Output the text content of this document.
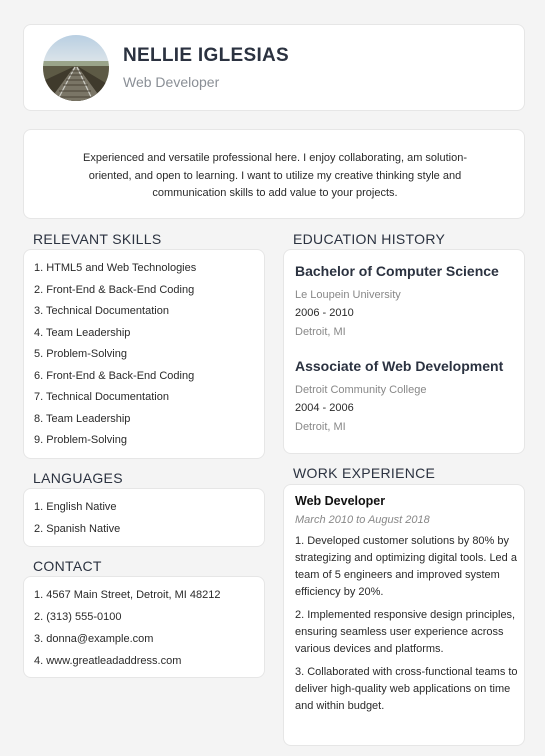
NELLIE IGLESIAS
Web Developer

Experienced and versatile professional here. I enjoy collaborating, am solution-oriented, and open to learning. I want to utilize my creative thinking style and communication skills to add value to your projects.

RELEVANT SKILLS
1. HTML5 and Web Technologies
2. Front-End & Back-End Coding
3. Technical Documentation
4. Team Leadership
5. Problem-Solving
6. Front-End & Back-End Coding
7. Technical Documentation
8. Team Leadership
9. Problem-Solving
LANGUAGES
1. English Native
2. Spanish Native
CONTACT
1. 4567 Main Street, Detroit, MI 48212
2. (313) 555-0100
3. donna@example.com
4. www.greatleadaddress.com
EDUCATION HISTORY
Bachelor of Computer Science
Le Loupein University
2006 - 2010
Detroit, MI
Associate of Web Development
Detroit Community College
2004 - 2006
Detroit, MI
WORK EXPERIENCE
Web Developer
March 2010 to August 2018
1. Developed customer solutions by 80% by strategizing and optimizing digital tools. Led a team of 5 engineers and improved system efficiency by 20%.
2. Implemented responsive design principles, ensuring seamless user experience across various devices and platforms.
3. Collaborated with cross-functional teams to deliver high-quality web applications on time and within budget.
